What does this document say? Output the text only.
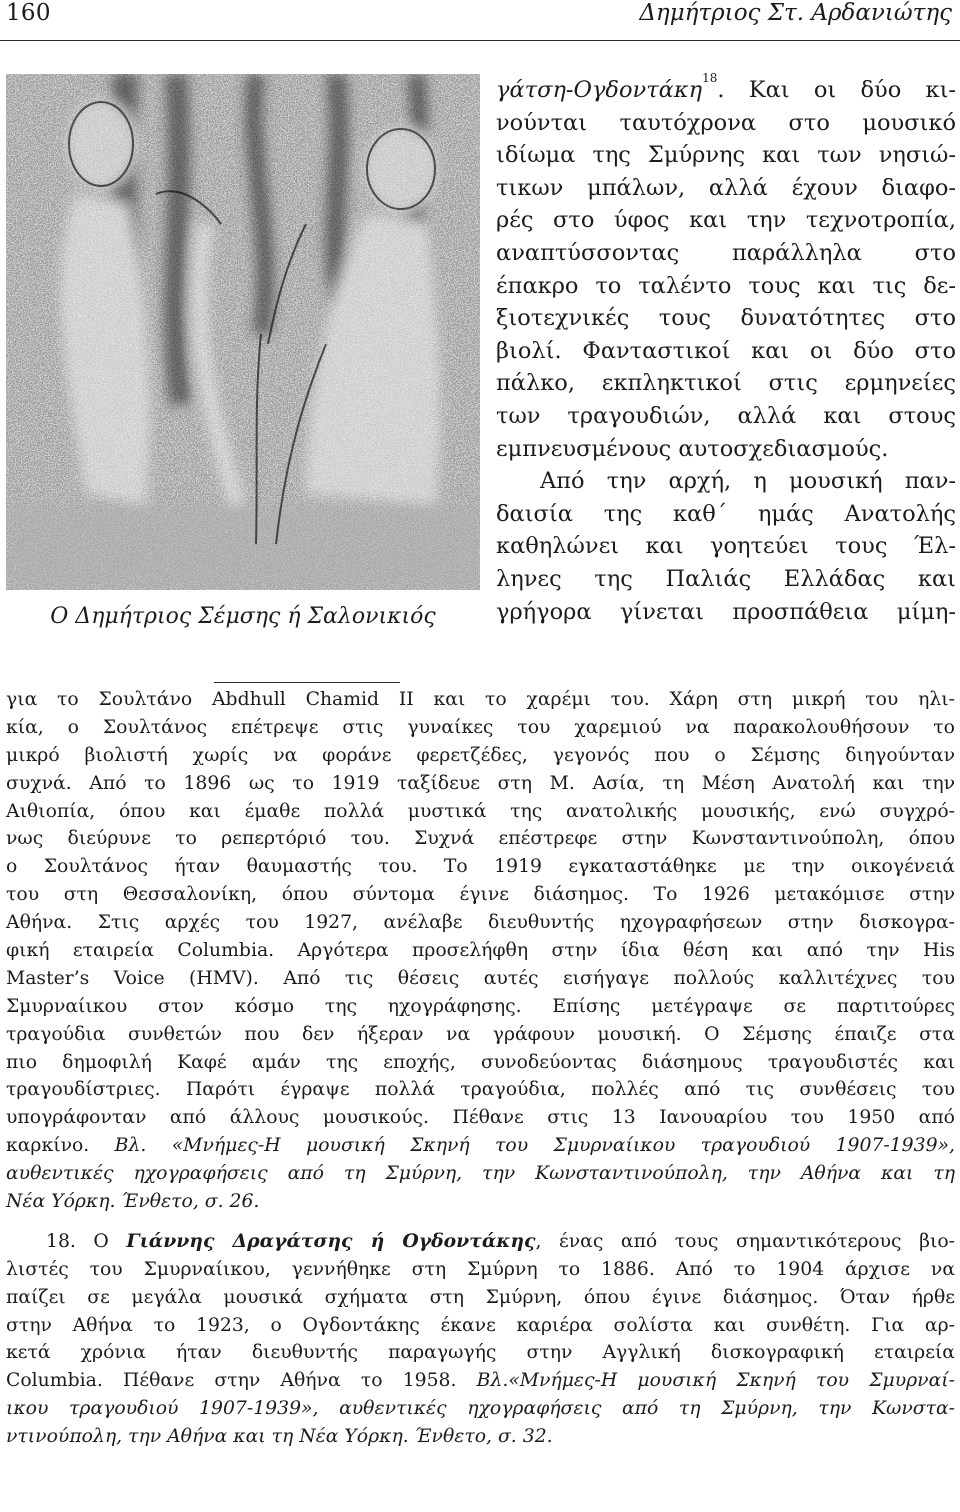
160	Δημήτριος Στ. Αρδανιώτης
Ο Δημήτριος Σέμσης ή Σαλονικιός
γάτση-Ογδοντάκη$^{18}$. Και οι δύο κι-
νούνται ταυτόχρονα στο μουσικό
ιδίωμα της Σμύρνης και των νησιώ-
τικων μπάλων, αλλά έχουν διαφο-
ρές στο ύφος και την τεχνοτροπία,
αναπτύσσοντας παράλληλα στο
έπακρο το ταλέντο τους και τις δε-
ξιοτεχνικές τους δυνατότητες στο
βιολί. Φανταστικοί και οι δύο στο
πάλκο, εκπληκτικοί στις ερμηνείες
των τραγουδιών, αλλά και στους
εμπνευσμένους αυτοσχεδιασμούς.
Από την αρχή, η μουσική παν-
δαισία της καθ΄ ημάς Ανατολής
καθηλώνει και γοητεύει τους Έλ-
ληνες της Παλιάς Ελλάδας και
γρήγορα γίνεται προσπάθεια μίμη-
για το Σουλτάνο Abdhull Chamid II και το χαρέμι του. Χάρη στη μικρή του ηλι-
κία, ο Σουλτάνος επέτρεψε στις γυναίκες του χαρεμιού να παρακολουθήσουν το
μικρό βιολιστή χωρίς να φοράνε φερετζέδες, γεγονός που ο Σέμσης διηγούνταν
συχνά. Από το 1896 ως το 1919 ταξίδευε στη Μ. Ασία, τη Μέση Ανατολή και την
Αιθιοπία, όπου και έμαθε πολλά μυστικά της ανατολικής μουσικής, ενώ συγχρό-
νως διεύρυνε το ρεπερτόριό του. Συχνά επέστρεφε στην Κωνσταντινούπολη, όπου
ο Σουλτάνος ήταν θαυμαστής του. Το 1919 εγκαταστάθηκε με την οικογένειά
του στη Θεσσαλονίκη, όπου σύντομα έγινε διάσημος. Το 1926 μετακόμισε στην
Αθήνα. Στις αρχές του 1927, ανέλαβε διευθυντής ηχογραφήσεων στην δισκογρα-
φική εταιρεία Columbia. Αργότερα προσελήφθη στην ίδια θέση και από την His
Master’s Voice (HMV). Από τις θέσεις αυτές εισήγαγε πολλούς καλλιτέχνες του
Σμυρναίικου στον κόσμο της ηχογράφησης. Επίσης μετέγραψε σε παρτιτούρες
τραγούδια συνθετών που δεν ήξεραν να γράφουν μουσική. Ο Σέμσης έπαιζε στα
πιο δημοφιλή Καφέ αμάν της εποχής, συνοδεύοντας διάσημους τραγουδιστές και
τραγουδίστριες. Παρότι έγραψε πολλά τραγούδια, πολλές από τις συνθέσεις του
υπογράφονταν από άλλους μουσικούς. Πέθανε στις 13 Ιανουαρίου του 1950 από
καρκίνο. Βλ. «Μνήμες-Η μουσική Σκηνή του Σμυρναίικου τραγουδιού 1907-1939»,
αυθεντικές ηχογραφήσεις από τη Σμύρνη, την Κωνσταντινούπολη, την Αθήνα και τη
Νέα Υόρκη. Ένθετο, σ. 26.
18. Ο Γιάννης Δραγάτσης ή Ογδοντάκης, ένας από τους σημαντικότερους βιο-
λιστές του Σμυρναίικου, γεννήθηκε στη Σμύρνη το 1886. Από το 1904 άρχισε να
παίζει σε μεγάλα μουσικά σχήματα στη Σμύρνη, όπου έγινε διάσημος. Όταν ήρθε
στην Αθήνα το 1923, ο Ογδοντάκης έκανε καριέρα σολίστα και συνθέτη. Για αρ-
κετά χρόνια ήταν διευθυντής παραγωγής στην Αγγλική δισκογραφική εταιρεία
Columbia. Πέθανε στην Αθήνα το 1958. Βλ.«Μνήμες-Η μουσική Σκηνή του Σμυρναί-
ικου τραγουδιού 1907-1939», αυθεντικές ηχογραφήσεις από τη Σμύρνη, την Κωνστα-
ντινούπολη, την Αθήνα και τη Νέα Υόρκη. Ένθετο, σ. 32.
